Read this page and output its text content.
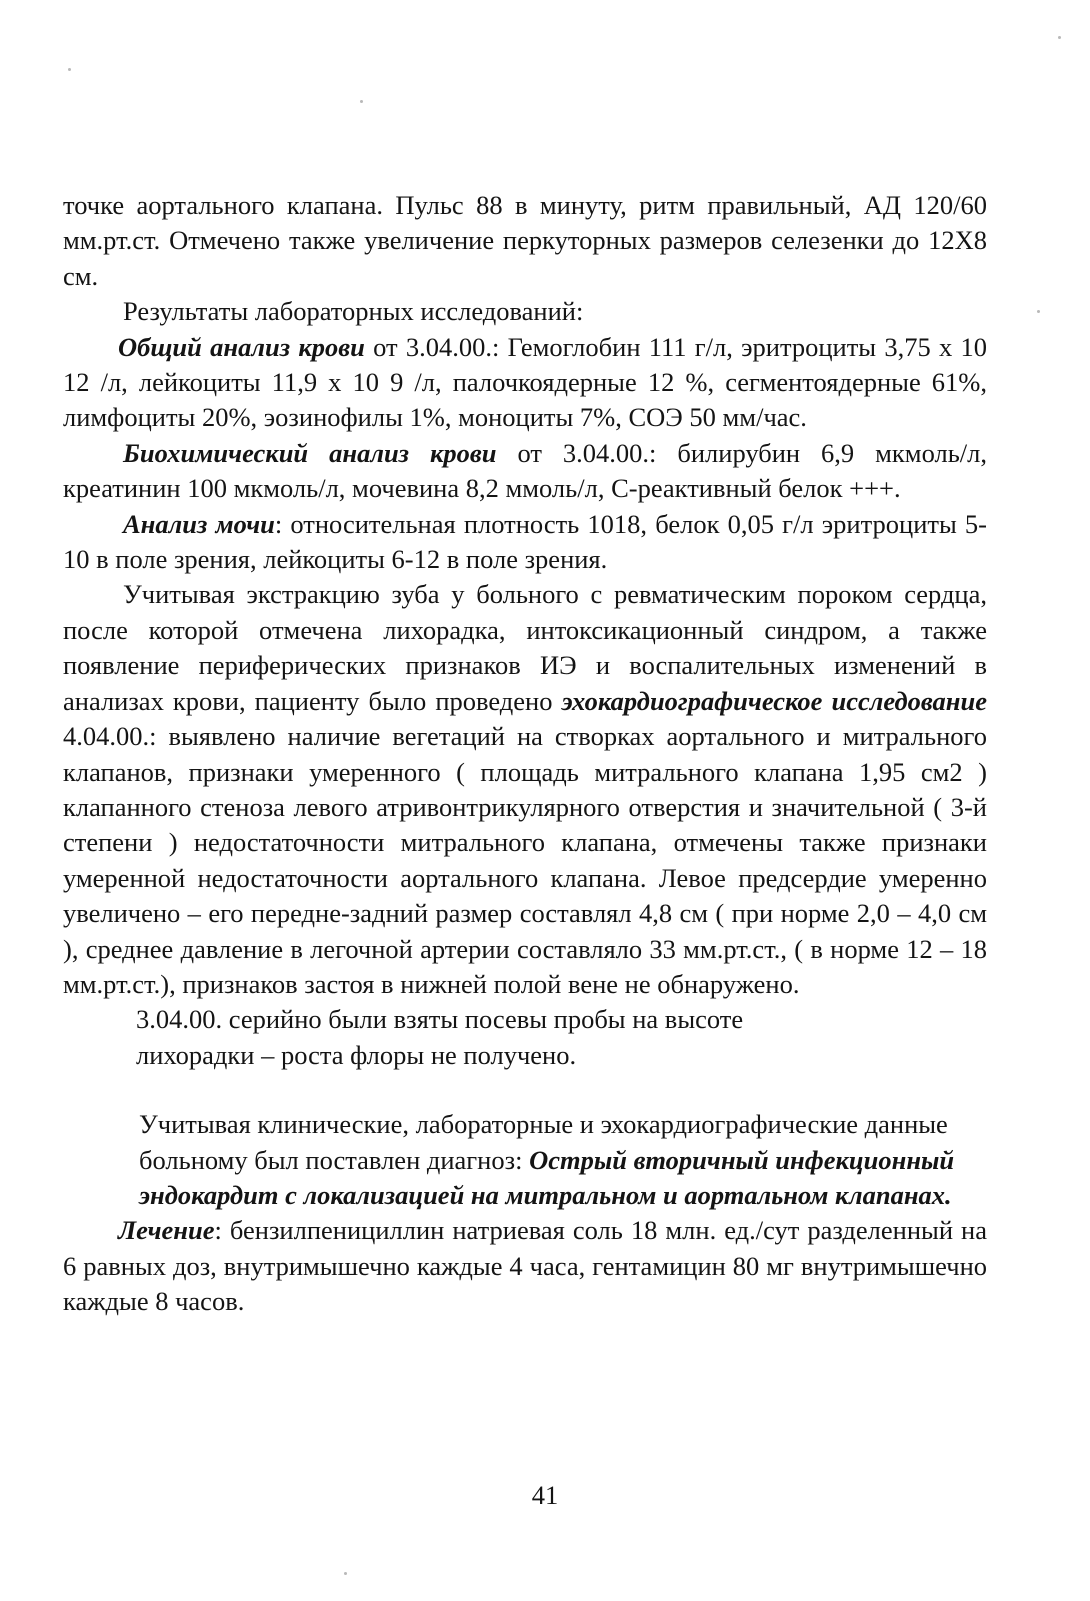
точке аортального клапана. Пульс 88 в минуту, ритм правильный, АД 120/60 мм.рт.ст. Отмечено также увеличение перкуторных размеров селезенки до 12Х8 см.

Результаты лабораторных исследований:

Общий анализ крови от 3.04.00.: Гемоглобин 111 г/л, эритроциты 3,75 x 10 12 /л, лейкоциты 11,9 x 10 9 /л, палочкоядерные 12 %, сегментоядерные 61%, лимфоциты 20%, эозинофилы 1%, моноциты 7%, СОЭ 50 мм/час.

Биохимический анализ крови от 3.04.00.: билирубин 6,9 мкмоль/л, креатинин 100 мкмоль/л, мочевина 8,2 ммоль/л, С-реактивный белок +++.

Анализ мочи: относительная плотность 1018, белок 0,05 г/л эритроциты 5-10 в поле зрения, лейкоциты 6-12 в поле зрения.

Учитывая экстракцию зуба у больного с ревматическим пороком сердца, после которой отмечена лихорадка, интоксикационный синдром, а также появление периферических признаков ИЭ и воспалительных изменений в анализах крови, пациенту было проведено эхокардиографическое исследование 4.04.00.: выявлено наличие вегетаций на створках аортального и митрального клапанов, признаки умеренного ( площадь митрального клапана 1,95 см2 ) клапанного стеноза левого атривонтрикулярного отверстия и значительной ( 3-й степени ) недостаточности митрального клапана, отмечены также признаки умеренной недостаточности аортального клапана. Левое предсердие умеренно увеличено – его передне-задний размер составлял 4,8 см ( при норме 2,0 – 4,0 см ), среднее давление в легочной артерии составляло 33 мм.рт.ст., ( в норме 12 – 18 мм.рт.ст.), признаков застоя в нижней полой вене не обнаружено.

3.04.00. серийно были взяты посевы пробы на высоте
лихорадки – роста флоры не получено.

Учитывая клинические, лабораторные и эхокардиографические данные больному был поставлен диагноз: Острый вторичный инфекционный эндокардит с локализацией на митральном и аортальном клапанах.

Лечение: бензилпенициллин натриевая соль 18 млн. ед./сут разделенный на 6 равных доз, внутримышечно каждые 4 часа, гентамицин 80 мг внутримышечно каждые 8 часов.

41
